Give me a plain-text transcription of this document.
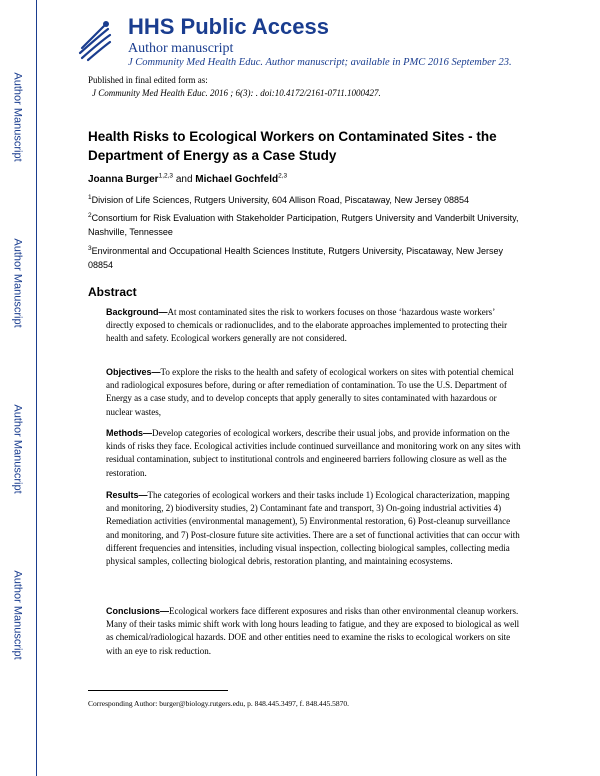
Author Manuscript
Author Manuscript
Author Manuscript
Author Manuscript
HHS Public Access
Author manuscript
J Community Med Health Educ. Author manuscript; available in PMC 2016 September 23.
Published in final edited form as:
J Community Med Health Educ. 2016 ; 6(3): . doi:10.4172/2161-0711.1000427.
Health Risks to Ecological Workers on Contaminated Sites - the Department of Energy as a Case Study
Joanna Burger$^{1,2,3}$ and Michael Gochfeld$^{2,3}$
$^1$Division of Life Sciences, Rutgers University, 604 Allison Road, Piscataway, New Jersey 08854
$^2$Consortium for Risk Evaluation with Stakeholder Participation, Rutgers University and Vanderbilt University, Nashville, Tennessee
$^3$Environmental and Occupational Health Sciences Institute, Rutgers University, Piscataway, New Jersey 08854
Abstract
Background—At most contaminated sites the risk to workers focuses on those ‘hazardous waste workers’ directly exposed to chemicals or radionuclides, and to the elaborate approaches implemented to protecting their health and safety. Ecological workers generally are not considered.
Objectives—To explore the risks to the health and safety of ecological workers on sites with potential chemical and radiological exposures before, during or after remediation of contamination. To use the U.S. Department of Energy as a case study, and to develop concepts that apply generally to sites contaminated with hazardous or nuclear wastes,
Methods—Develop categories of ecological workers, describe their usual jobs, and provide information on the kinds of risks they face. Ecological activities include continued surveillance and monitoring work on any sites with residual contamination, subject to institutional controls and engineered barriers following closure as well as the restoration.
Results—The categories of ecological workers and their tasks include 1) Ecological characterization, mapping and monitoring, 2) biodiversity studies, 2) Contaminant fate and transport, 3) On-going industrial activities 4) Remediation activities (environmental management), 5) Environmental restoration, 6) Post-cleanup surveillance and monitoring, and 7) Post-closure future site activities. There are a set of functional activities that can occur with different frequencies and intensities, including visual inspection, collecting biological samples, collecting media physical samples, collecting biological debris, restoration planting, and maintaining ecosystems.
Conclusions—Ecological workers face different exposures and risks than other environmental cleanup workers. Many of their tasks mimic shift work with long hours leading to fatigue, and they are exposed to biological as well as chemical/radiological hazards. DOE and other entities need to examine the risks to ecological workers on site with an eye to risk reduction.
Corresponding Author: burger@biology.rutgers.edu, p. 848.445.3497, f. 848.445.5870.
